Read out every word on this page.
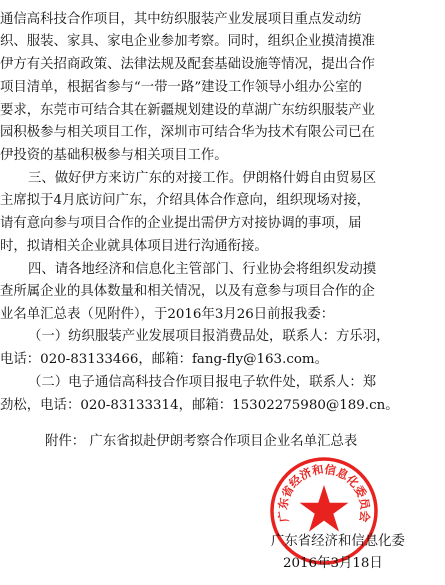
通信高科技合作项目，其中纺织服装产业发展项目重点发动纺
织、服装、家具、家电企业参加考察。同时，组织企业摸清摸准
伊方有关招商政策、法律法规及配套基础设施等情况，提出合作
项目清单，根据省参与“一带一路”建设工作领导小组办公室的
要求，东莞市可结合其在新疆规划建设的草湖广东纺织服装产业
园积极参与相关项目工作，深圳市可结合华为技术有限公司已在
伊投资的基础积极参与相关项目工作。
三、做好伊方来访广东的对接工作。伊朗格什姆自由贸易区
主席拟于4月底访问广东，介绍具体合作意向，组织现场对接，
请有意向参与项目合作的企业提出需伊方对接协调的事项，届
时，拟请相关企业就具体项目进行沟通衔接。
四、请各地经济和信息化主管部门、行业协会将组织发动摸
查所属企业的具体数量和相关情况，以及有意参与项目合作的企
业名单汇总表（见附件），于2016年3月26日前报我委：
（一）纺织服装产业发展项目报消费品处，联系人：方乐羽，
电话：020-83133466，邮箱：fang-fly@163.com。
（二）电子通信高科技合作项目报电子软件处，联系人：郑
劲松，电话：020-83133314，邮箱：15302275980@189.cn。
附件： 广东省拟赴伊朗考察合作项目企业名单汇总表
广东省经济和信息化委员会
广东省经济和信息化委
2016年3月18日
